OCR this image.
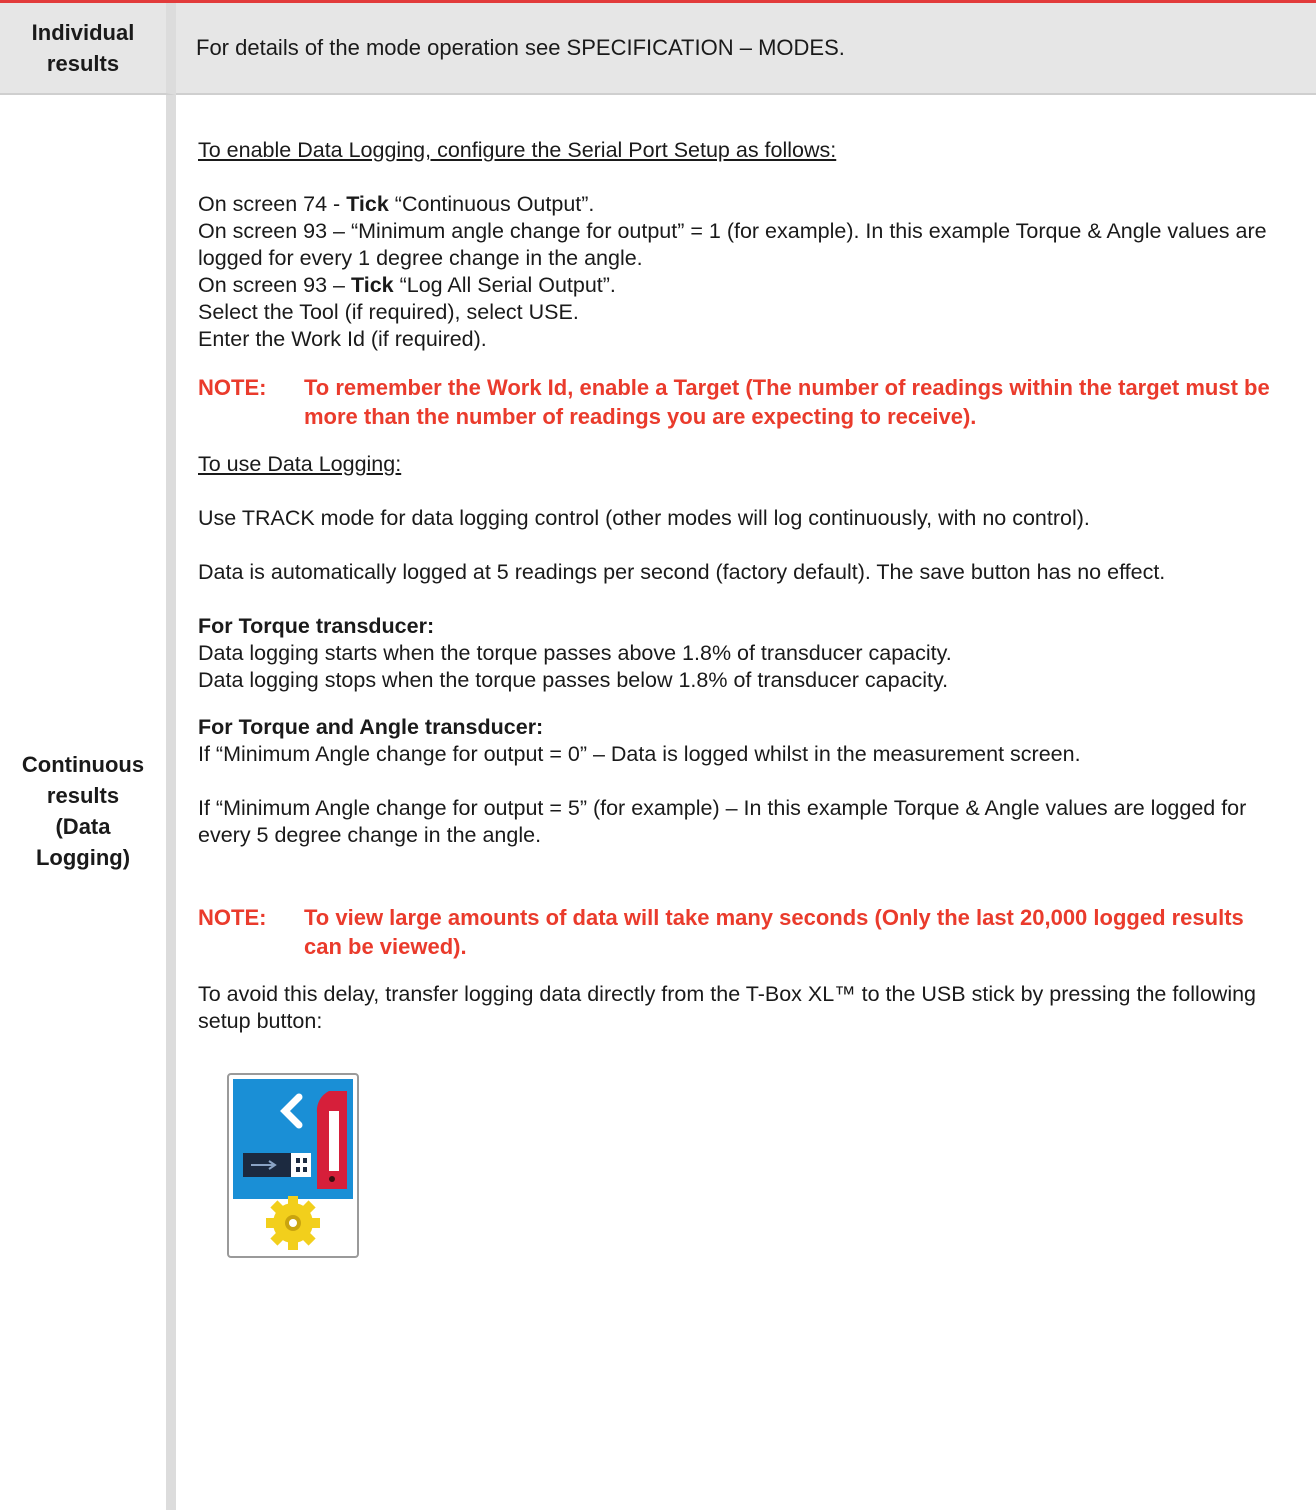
Individual results
For details of the mode operation see SPECIFICATION – MODES.
Continuous
results
(Data
Logging)

To enable Data Logging, configure the Serial Port Setup as follows:

On screen 74 - Tick “Continuous Output”.

On screen 93 – “Minimum angle change for output” = 1 (for example). In this example Torque & Angle values are logged for every 1 degree change in the angle.

On screen 93 – Tick “Log All Serial Output”.

Select the Tool (if required), select USE.

Enter the Work Id (if required).

NOTE:	To remember the Work Id, enable a Target (The number of readings within the target must be more than the number of readings you are expecting to receive).

To use Data Logging:

Use TRACK mode for data logging control (other modes will log continuously, with no control).

Data is automatically logged at 5 readings per second (factory default). The save button has no effect.

For Torque transducer:

Data logging starts when the torque passes above 1.8% of transducer capacity.

Data logging stops when the torque passes below 1.8% of transducer capacity.

For Torque and Angle transducer:

If “Minimum Angle change for output = 0” – Data is logged whilst in the measurement screen.

If “Minimum Angle change for output = 5” (for example) – In this example Torque & Angle values are logged for every 5 degree change in the angle.

NOTE:	To view large amounts of data will take many seconds (Only the last 20,000 logged results can be viewed).

To avoid this delay, transfer logging data directly from the T-Box XL™ to the USB stick by pressing the following setup button:
